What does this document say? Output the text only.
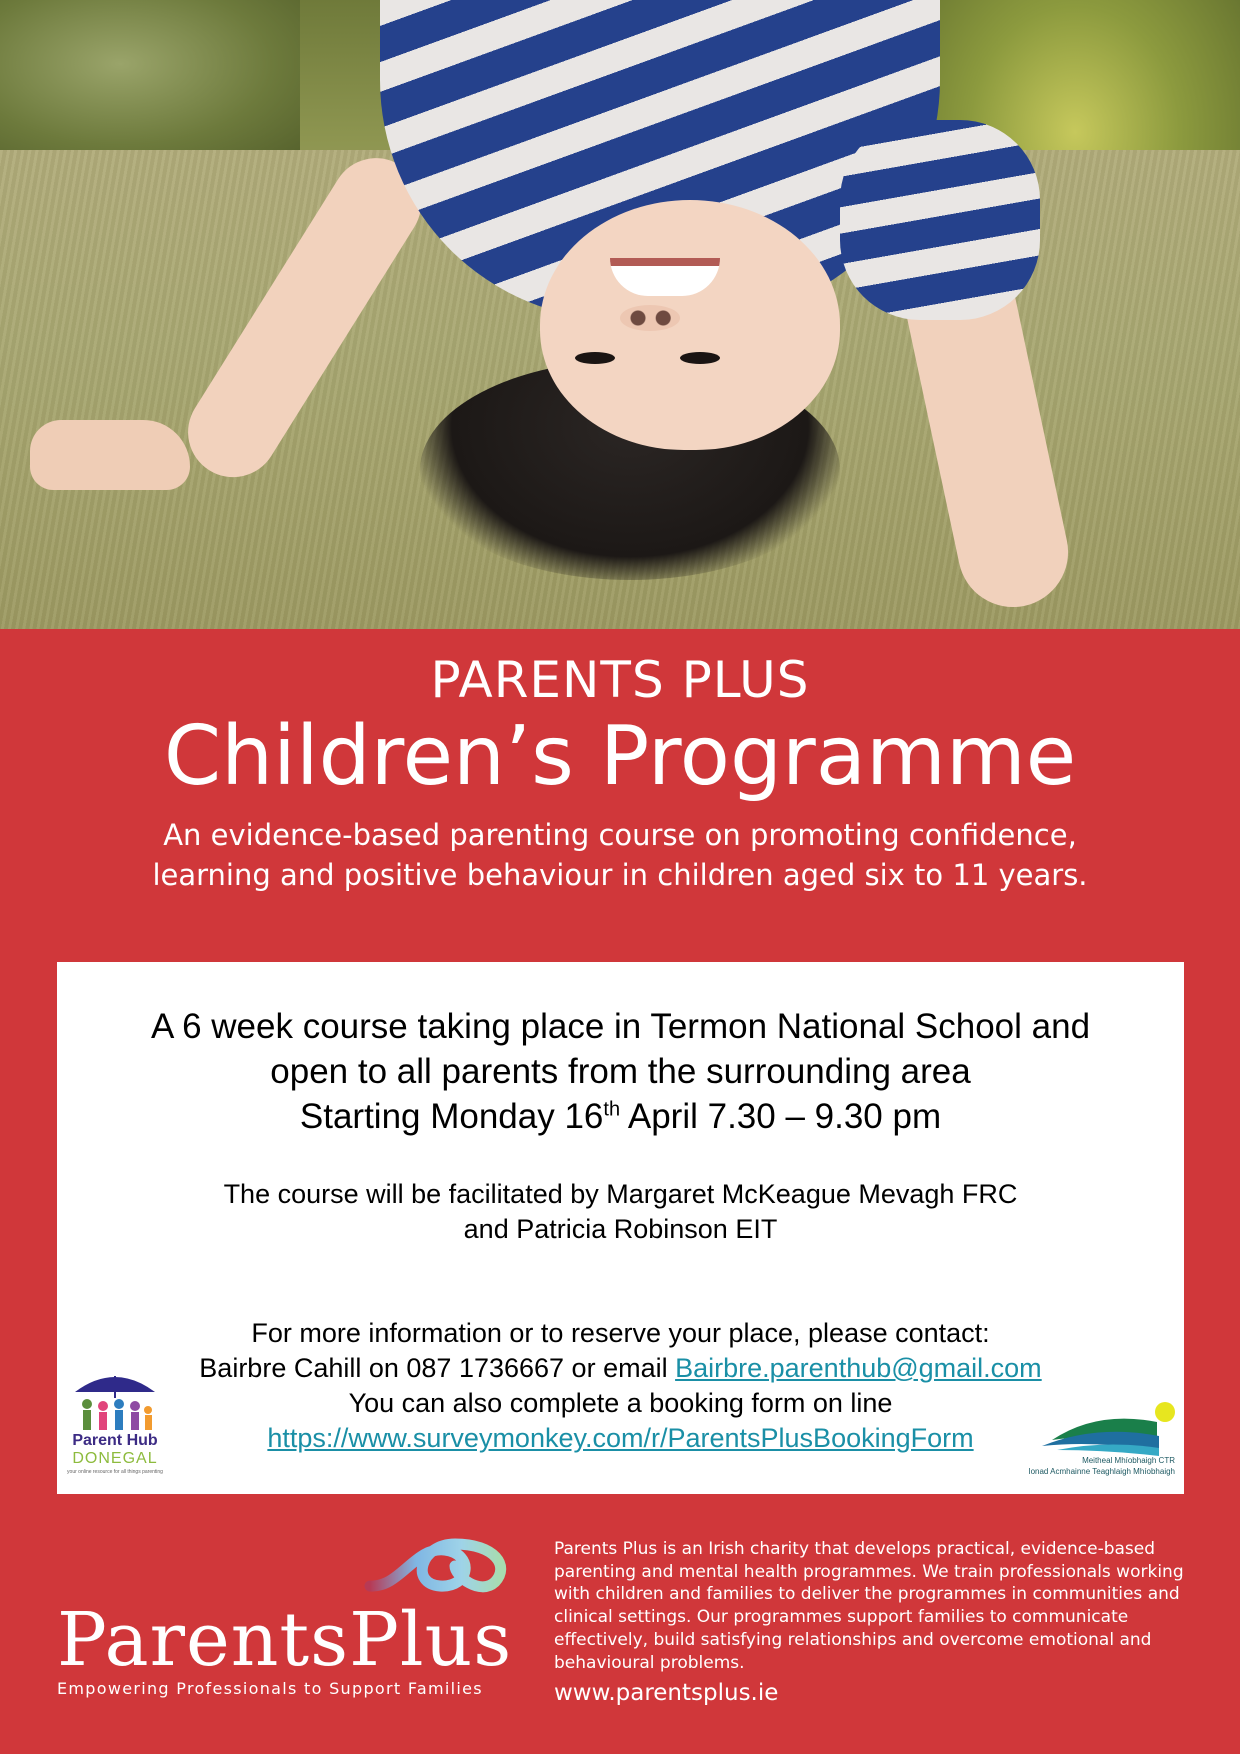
PARENTS PLUS
Children’s Programme
An evidence-based parenting course on promoting confidence, learning and positive behaviour in children aged six to 11 years.
A 6 week course taking place in Termon National School and
open to all parents from the surrounding area
Starting Monday 16th April 7.30 – 9.30 pm
The course will be facilitated by Margaret McKeague Mevagh FRC
and Patricia Robinson EIT
For more information or to reserve your place, please contact:
Bairbre Cahill on 087 1736667 or email Bairbre.parenthub@gmail.com
You can also complete a booking form on line
https://www.surveymonkey.com/r/ParentsPlusBookingForm
Parent Hub
DONEGAL
your online resource for all things parenting
Meitheal Mhíobhaigh CTR
Ionad Acmhainne Teaghlaigh Mhíobhaigh
ParentsPlus
Empowering Professionals to Support Families
Parents Plus is an Irish charity that develops practical, evidence-based parenting and mental health programmes. We train professionals working with children and families to deliver the programmes in communities and clinical settings. Our programmes support families to communicate effectively, build satisfying relationships and overcome emotional and behavioural problems.
www.parentsplus.ie
